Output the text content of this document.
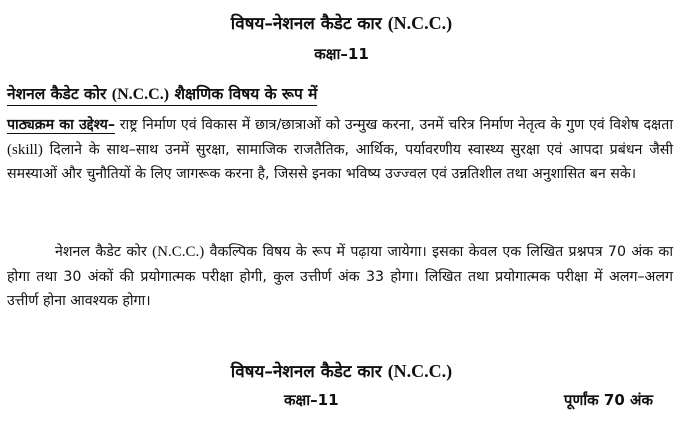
विषय–नेशनल कैडेट कार (N.C.C.)
कक्षा–11
नेशनल कैडेट कोर (N.C.C.) शैक्षणिक विषय के रूप में
पाठ्यक्रम का उद्देश्य– राष्ट्र निर्माण एवं विकास में छात्र/छात्राओं को उन्मुख करना, उनमें चरित्र निर्माण नेतृत्व के गुण एवं विशेष दक्षता (skill) दिलाने के साथ–साथ उनमें सुरक्षा, सामाजिक राजतैतिक, आर्थिक, पर्यावरणीय स्वास्थ्य सुरक्षा एवं आपदा प्रबंधन जैसी समस्याओं और चुनौतियों के लिए जागरूक करना है, जिससे इनका भविष्य उज्ज्वल एवं उन्नतिशील तथा अनुशासित बन सके।
नेशनल कैडेट कोर (N.C.C.) वैकल्पिक विषय के रूप में पढ़ाया जायेगा। इसका केवल एक लिखित प्रश्नपत्र 70 अंक का होगा तथा 30 अंकों की प्रयोगात्मक परीक्षा होगी, कुल उत्तीर्ण अंक 33 होगा। लिखित तथा प्रयोगात्मक परीक्षा में अलग–अलग उत्तीर्ण होना आवश्यक होगा।
विषय–नेशनल कैडेट कार (N.C.C.)
कक्षा–11	पूर्णांक 70 अंक
